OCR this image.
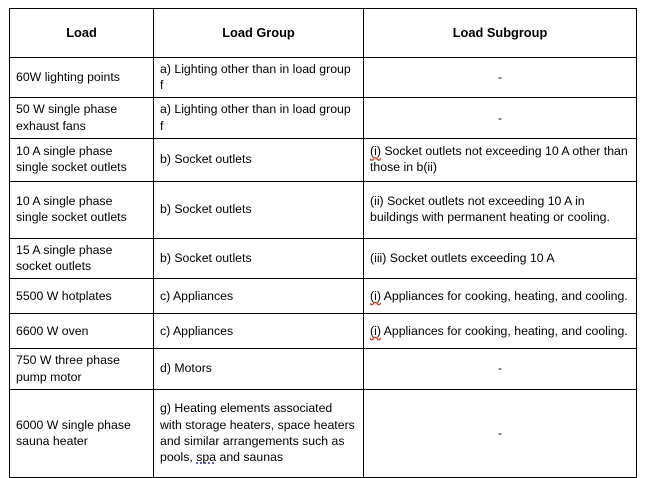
Load	Load Group	Load Subgroup
60W lighting points	a) Lighting other than in load group f	-
50 W single phase exhaust fans	a) Lighting other than in load group f	-
10 A single phase single socket outlets	b) Socket outlets	(i) Socket outlets not exceeding 10 A other than those in b(ii)
10 A single phase single socket outlets	b) Socket outlets	(ii) Socket outlets not exceeding 10 A in buildings with permanent heating or cooling.
15 A single phase socket outlets	b) Socket outlets	(iii) Socket outlets exceeding 10 A
5500 W hotplates	c) Appliances	(i) Appliances for cooking, heating, and cooling.
6600 W oven	c) Appliances	(i) Appliances for cooking, heating, and cooling.
750 W three phase pump motor	d) Motors	-
6000 W single phase sauna heater	g) Heating elements associated with storage heaters, space heaters and similar arrangements such as pools, spa and saunas	-
